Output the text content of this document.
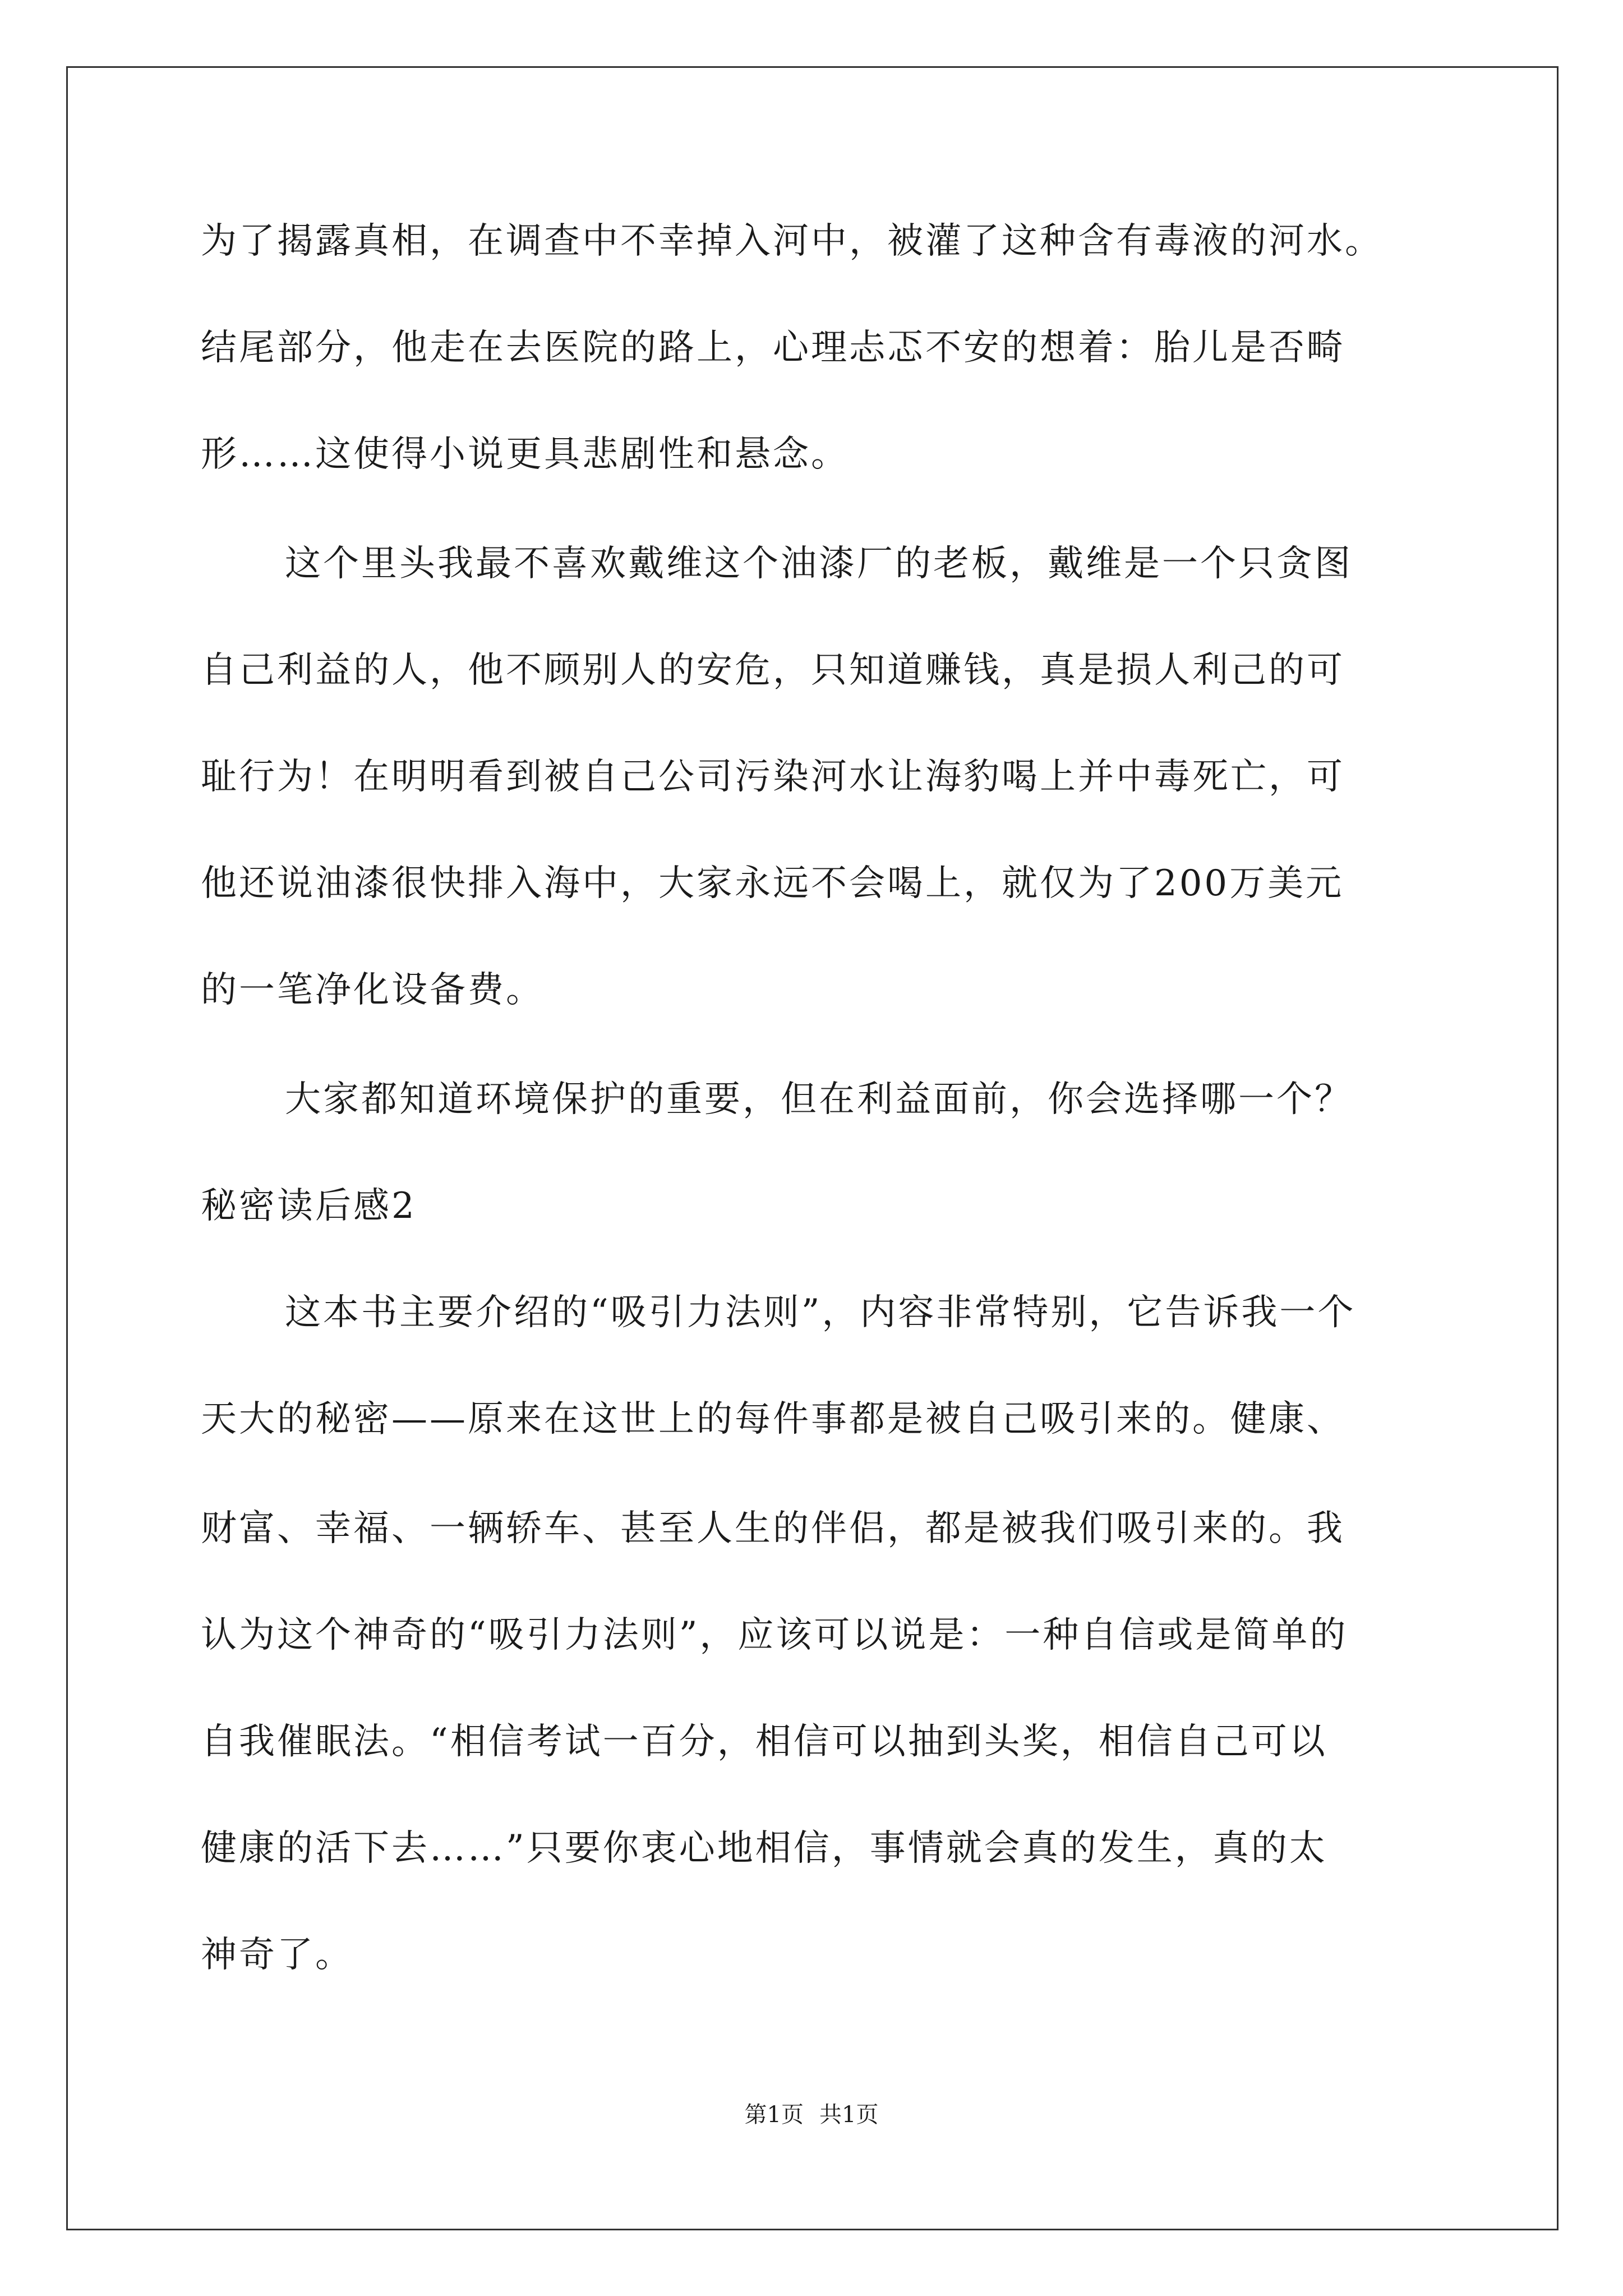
为了揭露真相，在调查中不幸掉入河中，被灌了这种含有毒液的河水。
结尾部分，他走在去医院的路上，心理忐忑不安的想着：胎儿是否畸
形……这使得小说更具悲剧性和悬念。
这个里头我最不喜欢戴维这个油漆厂的老板，戴维是一个只贪图
自己利益的人，他不顾别人的安危，只知道赚钱，真是损人利己的可
耻行为！在明明看到被自己公司污染河水让海豹喝上并中毒死亡，可
他还说油漆很快排入海中，大家永远不会喝上，就仅为了200万美元
的一笔净化设备费。
大家都知道环境保护的重要，但在利益面前，你会选择哪一个？
秘密读后感2
这本书主要介绍的“吸引力法则”，内容非常特别，它告诉我一个
天大的秘密——原来在这世上的每件事都是被自己吸引来的。健康、
财富、幸福、一辆轿车、甚至人生的伴侣，都是被我们吸引来的。我
认为这个神奇的“吸引力法则”，应该可以说是：一种自信或是简单的
自我催眠法。“相信考试一百分，相信可以抽到头奖，相信自己可以
健康的活下去……”只要你衷心地相信，事情就会真的发生，真的太
神奇了。
第1页 共1页
